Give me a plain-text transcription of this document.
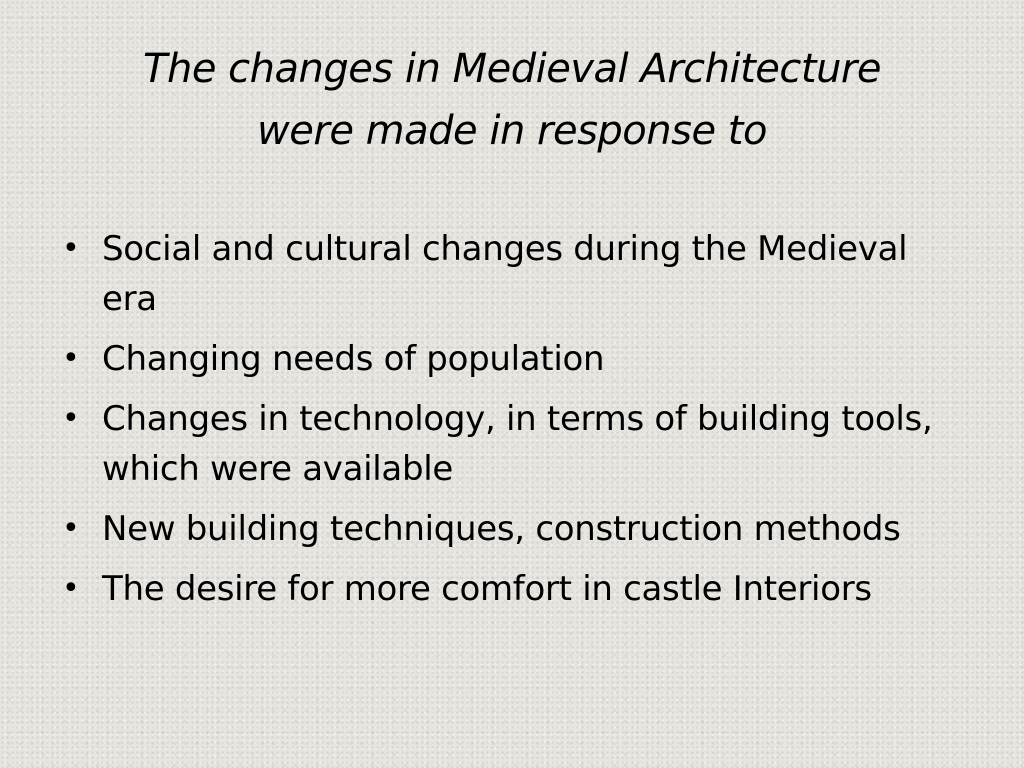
The changes in Medieval Architecture
were made in response to
• Social and cultural changes during the Medieval era
• Changing needs of population
• Changes in technology, in terms of building tools, which were available
• New building techniques, construction methods
• The desire for more comfort in castle Interiors
